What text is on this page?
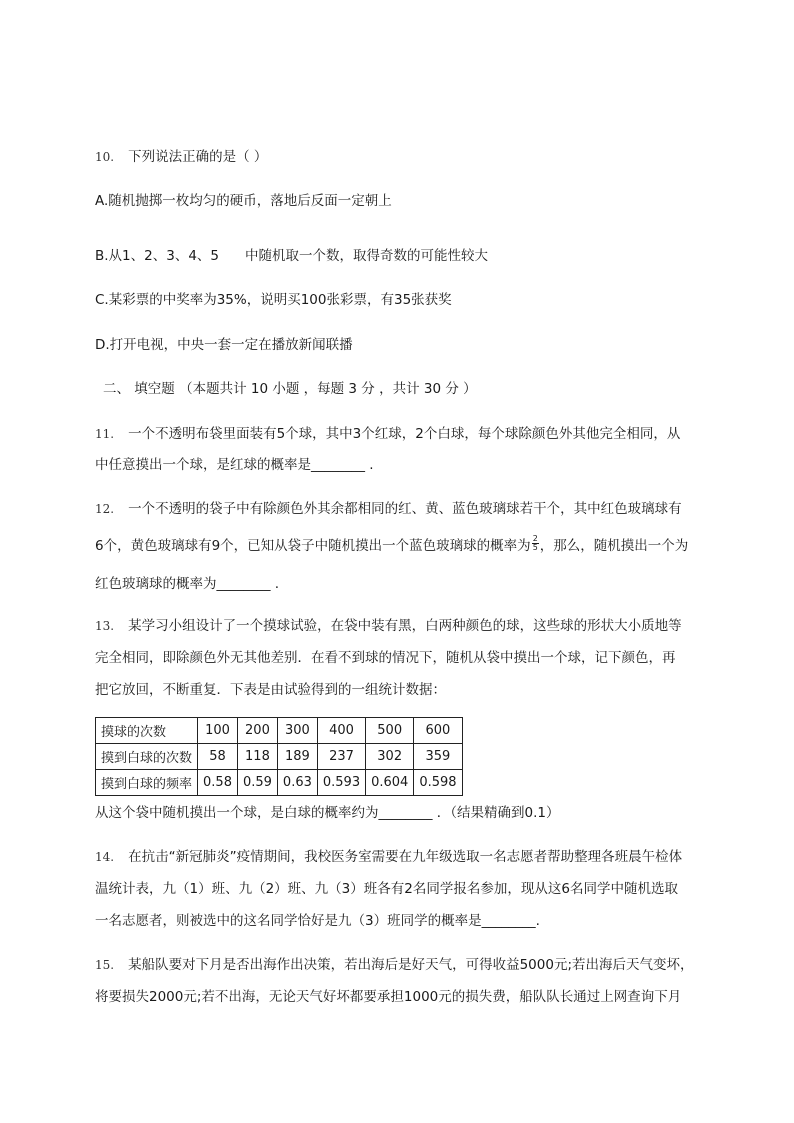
10. 下列说法正确的是（ ）
A.随机抛掷一枚均匀的硬币，落地后反面一定朝上
B.从1、2、3、4、5 中随机取一个数，取得奇数的可能性较大
C.某彩票的中奖率为35%，说明买100张彩票，有35张获奖
D.打开电视，中央一套一定在播放新闻联播
二、 填空题 （本题共计 10 小题 ，每题 3 分 ，共计 30 分 ）
11. 一个不透明布袋里面装有5个球，其中3个红球，2个白球，每个球除颜色外其他完全相同，从
中任意摸出一个球，是红球的概率是________ .
12. 一个不透明的袋子中有除颜色外其余都相同的红、黄、蓝色玻璃球若干个，其中红色玻璃球有
6个，黄色玻璃球有9个，已知从袋子中随机摸出一个蓝色玻璃球的概率为 $\frac{2}{5}$ ，那么，随机摸出一个为
红色玻璃球的概率为________ .
13. 某学习小组设计了一个摸球试验，在袋中装有黑，白两种颜色的球，这些球的形状大小质地等
完全相同，即除颜色外无其他差别．在看不到球的情况下，随机从袋中摸出一个球，记下颜色，再
把它放回，不断重复．下表是由试验得到的一组统计数据：
摸球的次数	100	200	300	400	500	600
摸到白球的次数	58	118	189	237	302	359
摸到白球的频率	0.58	0.59	0.63	0.593	0.604	0.598
从这个袋中随机摸出一个球，是白球的概率约为________ ．（结果精确到0.1）
14. 在抗击“新冠肺炎”疫情期间，我校医务室需要在九年级选取一名志愿者帮助整理各班晨午检体
温统计表，九（1）班、九（2）班、九（3）班各有2名同学报名参加，现从这6名同学中随机选取
一名志愿者，则被选中的这名同学恰好是九（3）班同学的概率是________.
15. 某船队要对下月是否出海作出决策，若出海后是好天气，可得收益5000元;若出海后天气变坏，
将要损失2000元;若不出海，无论天气好坏都要承担1000元的损失费，船队队长通过上网查询下月
